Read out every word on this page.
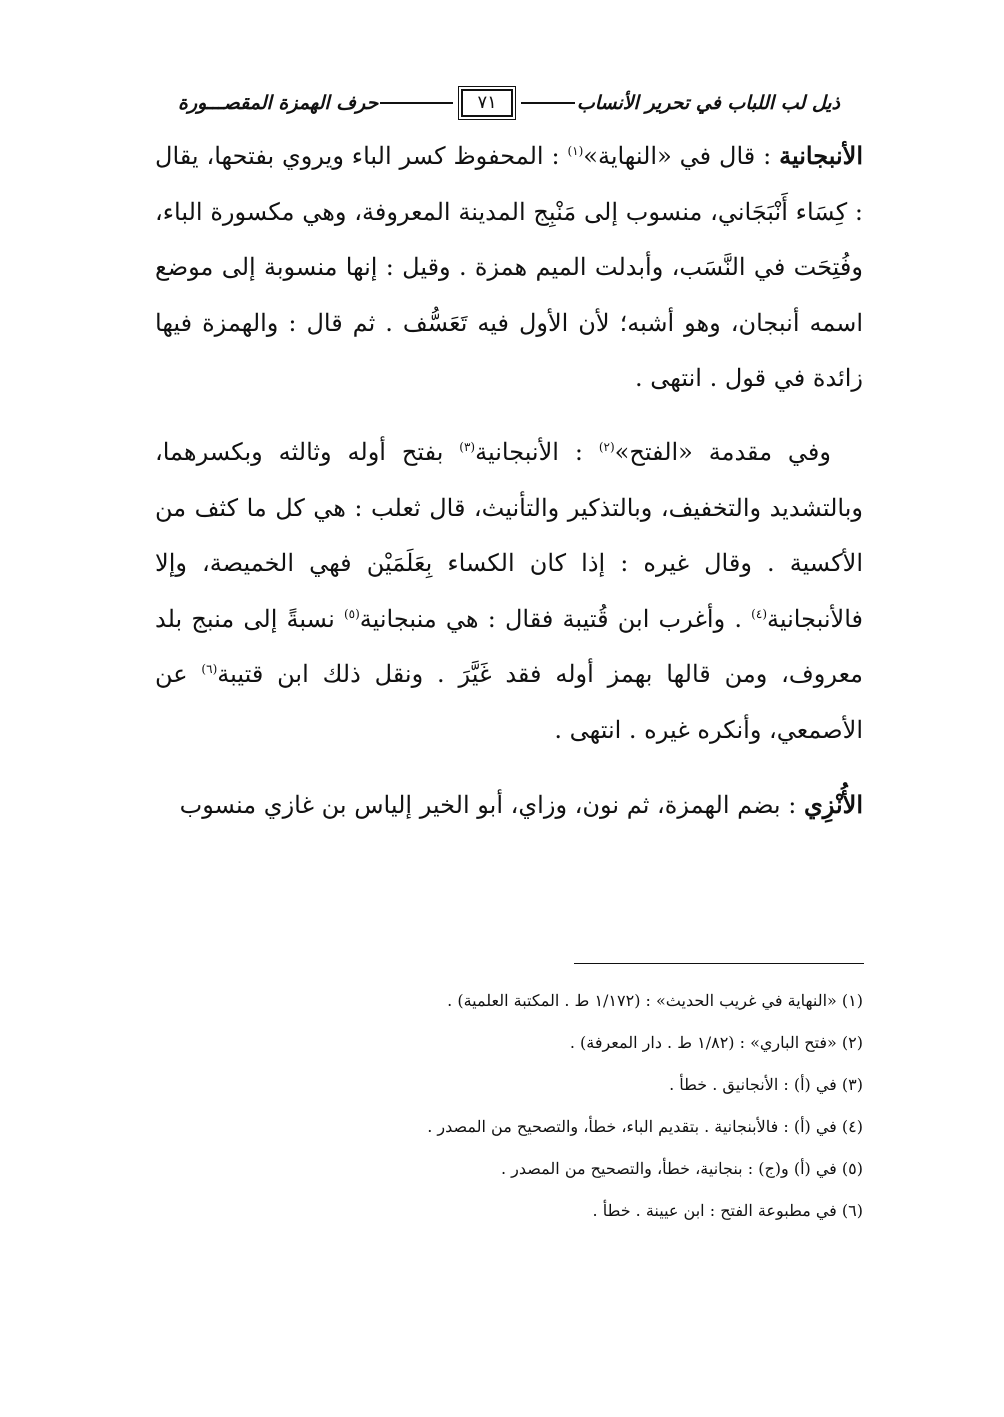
ذيل لب اللباب في تحرير الأنساب
٧١
حرف الهمزة المقصـــورة

الأنبجانية : قال في «النهاية»$^{(١)}$ : المحفوظ كسر الباء ويروي بفتحها، يقال : كِسَاء أَنْبَجَاني، منسوب إلى مَنْبِج المدينة المعروفة، وهي مكسورة الباء، وفُتِحَت في النَّسَب، وأبدلت الميم همزة . وقيل : إنها منسوبة إلى موضع اسمه أنبجان، وهو أشبه؛ لأن الأول فيه تَعَسُّف . ثم قال : والهمزة فيها زائدة في قول . انتهى .

وفي مقدمة «الفتح»$^{(٢)}$ : الأنبجانية$^{(٣)}$ بفتح أوله وثالثه وبكسرهما، وبالتشديد والتخفيف، وبالتذكير والتأنيث، قال ثعلب : هي كل ما كثف من الأكسية . وقال غيره : إذا كان الكساء بِعَلَمَيْن فهي الخميصة، وإلا فالأنبجانية$^{(٤)}$ . وأغرب ابن قُتيبة فقال : هي منبجانية$^{(٥)}$ نسبةً إلى منبج بلد معروف، ومن قالها بهمز أوله فقد غَيَّرَ . ونقل ذلك ابن قتيبة$^{(٦)}$ عن الأصمعي، وأنكره غيره . انتهى .

الأُنْزِي : بضم الهمزة، ثم نون، وزاي، أبو الخير إلياس بن غازي منسوب

(١) «النهاية في غريب الحديث» : (١/١٧٢ ط . المكتبة العلمية) .
(٢) «فتح الباري» : (١/٨٢ ط . دار المعرفة) .
(٣) في (أ) : الأنجانيق . خطأ .
(٤) في (أ) : فالأبنجانية . بتقديم الباء، خطأ، والتصحيح من المصدر .
(٥) في (أ) و(ج) : بنجانية، خطأ، والتصحيح من المصدر .
(٦) في مطبوعة الفتح : ابن عيينة . خطأ .
